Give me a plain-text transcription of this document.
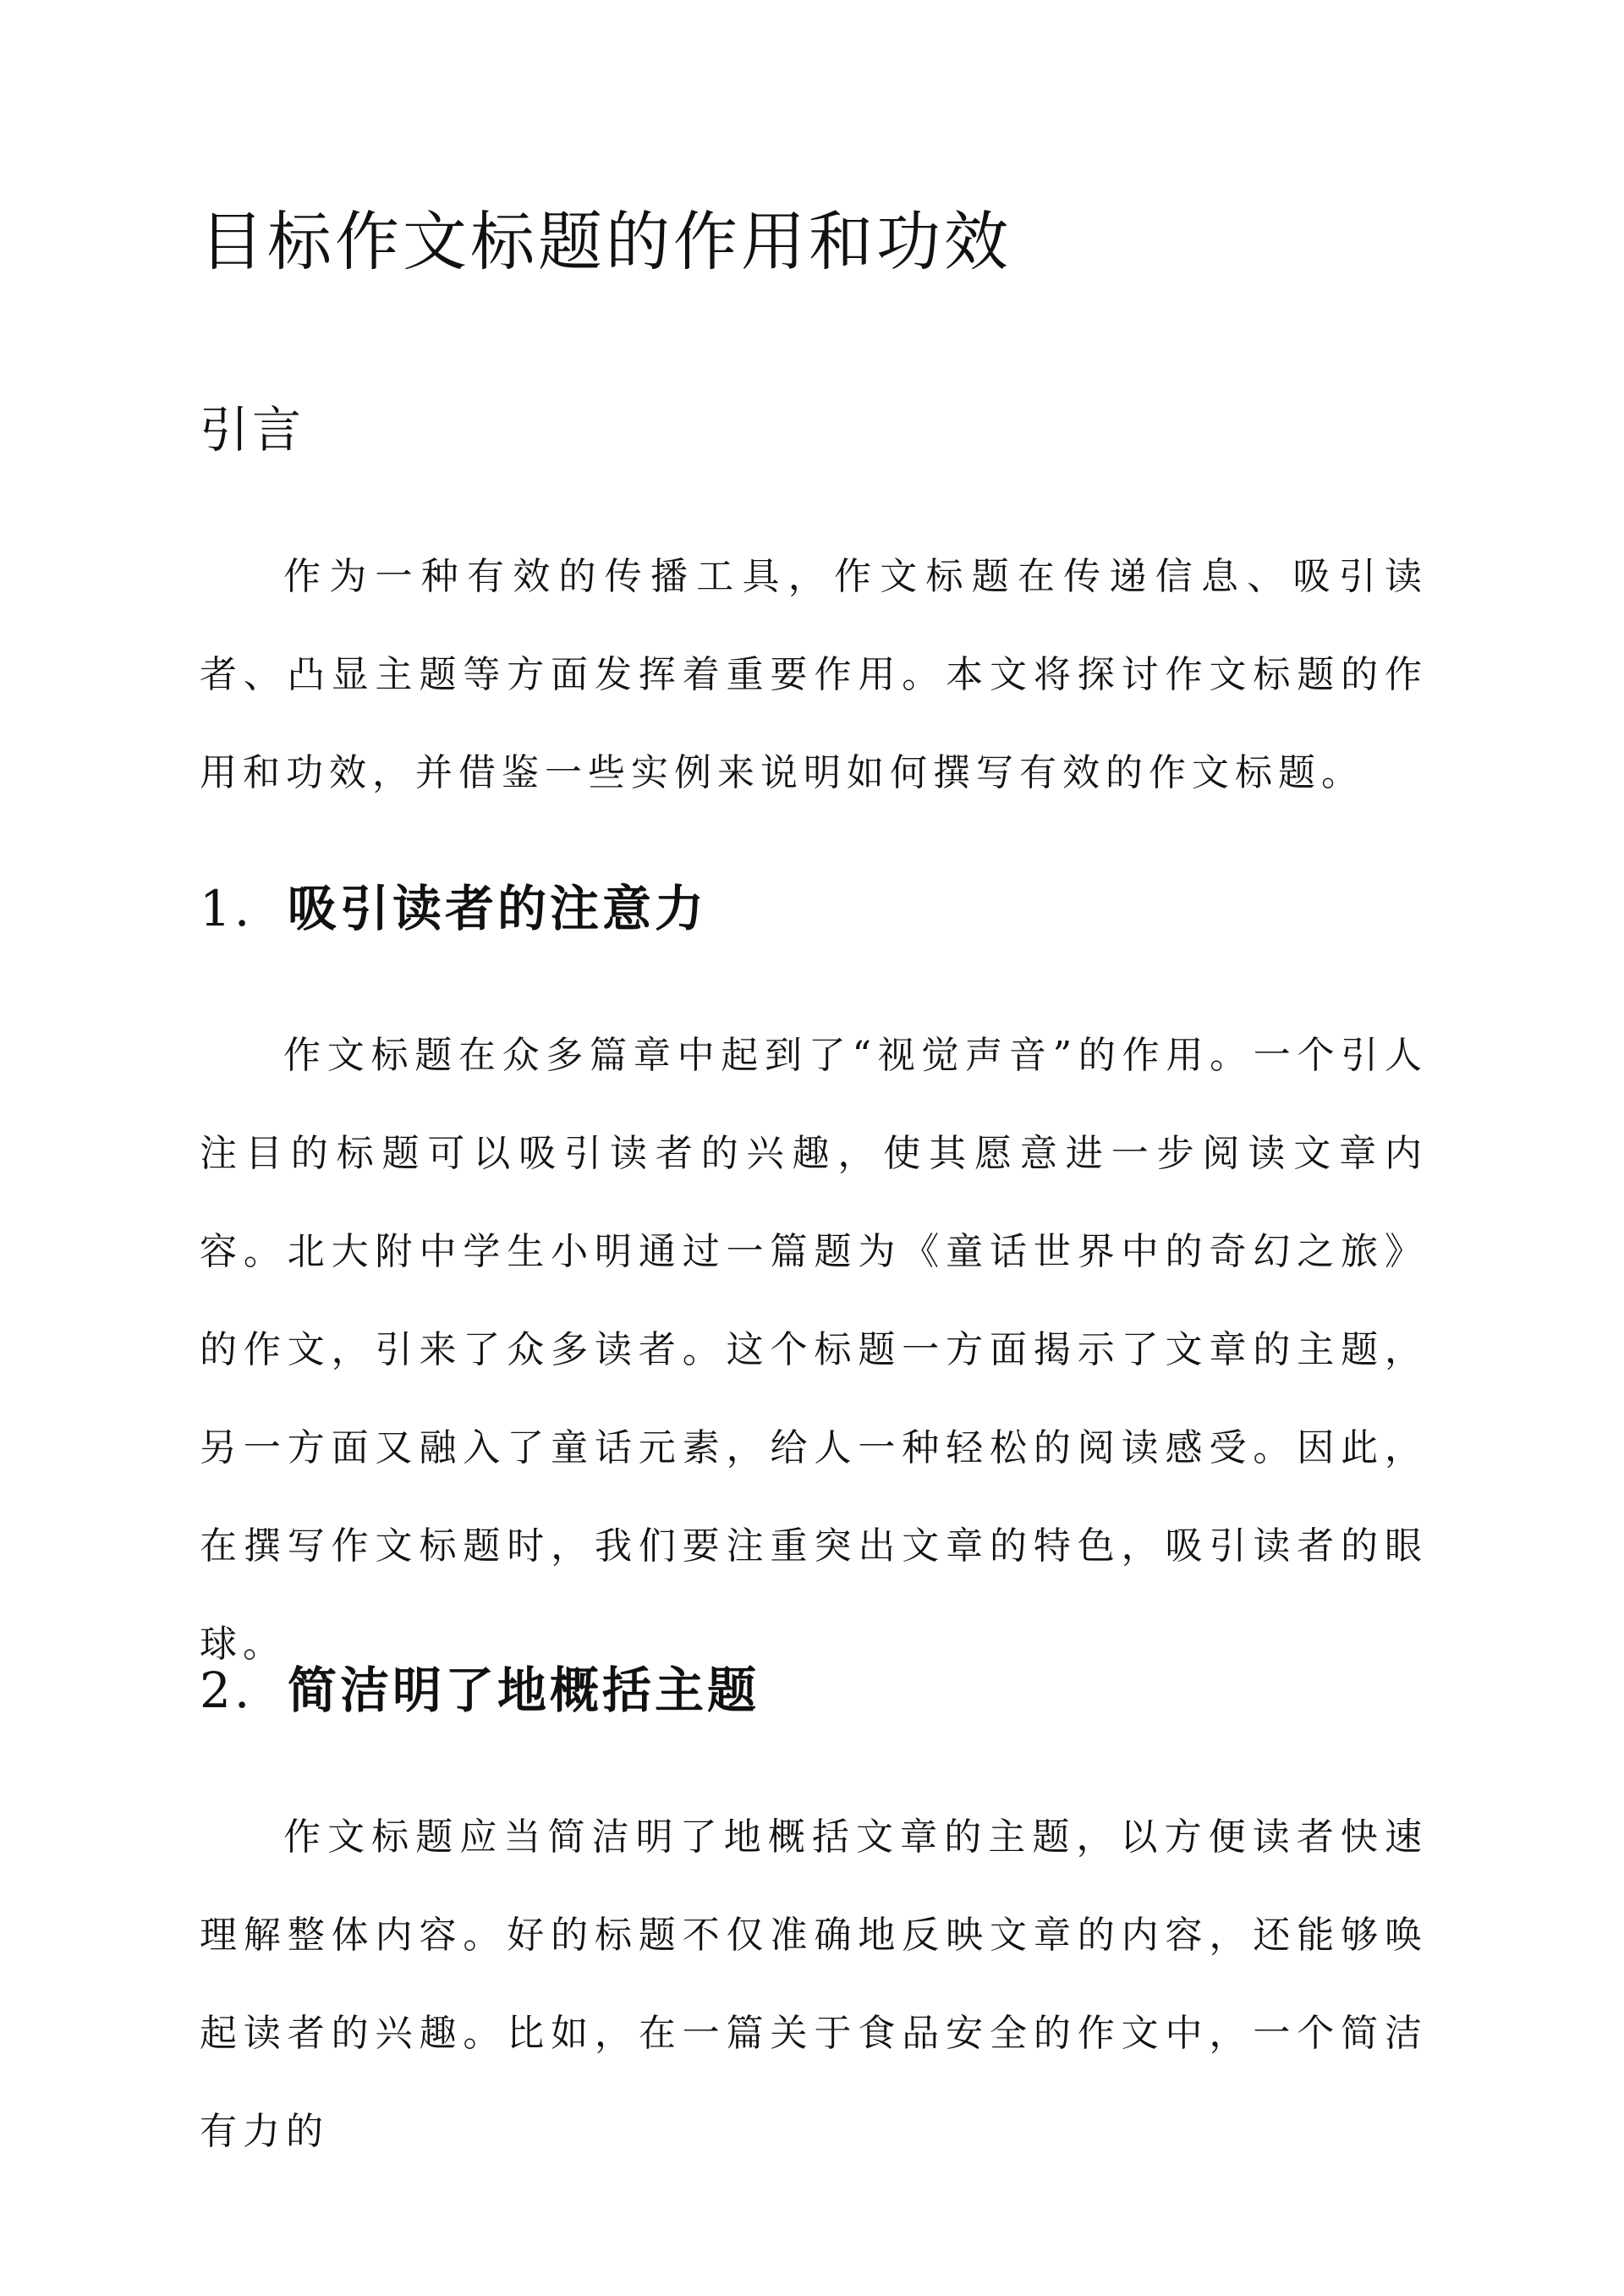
目标作文标题的作用和功效
引言

作为一种有效的传播工具，作文标题在传递信息、吸引读者、凸显主题等方面发挥着重要作用。本文将探讨作文标题的作用和功效，并借鉴一些实例来说明如何撰写有效的作文标题。

1. 吸引读者的注意力

作文标题在众多篇章中起到了“视觉声音”的作用。一个引人注目的标题可以吸引读者的兴趣，使其愿意进一步阅读文章内容。北大附中学生小明通过一篇题为《童话世界中的奇幻之旅》的作文，引来了众多读者。这个标题一方面揭示了文章的主题，另一方面又融入了童话元素，给人一种轻松的阅读感受。因此，在撰写作文标题时，我们要注重突出文章的特色，吸引读者的眼球。

2. 简洁明了地概括主题

作文标题应当简洁明了地概括文章的主题，以方便读者快速理解整体内容。好的标题不仅准确地反映文章的内容，还能够唤起读者的兴趣。比如，在一篇关于食品安全的作文中，一个简洁有力的
